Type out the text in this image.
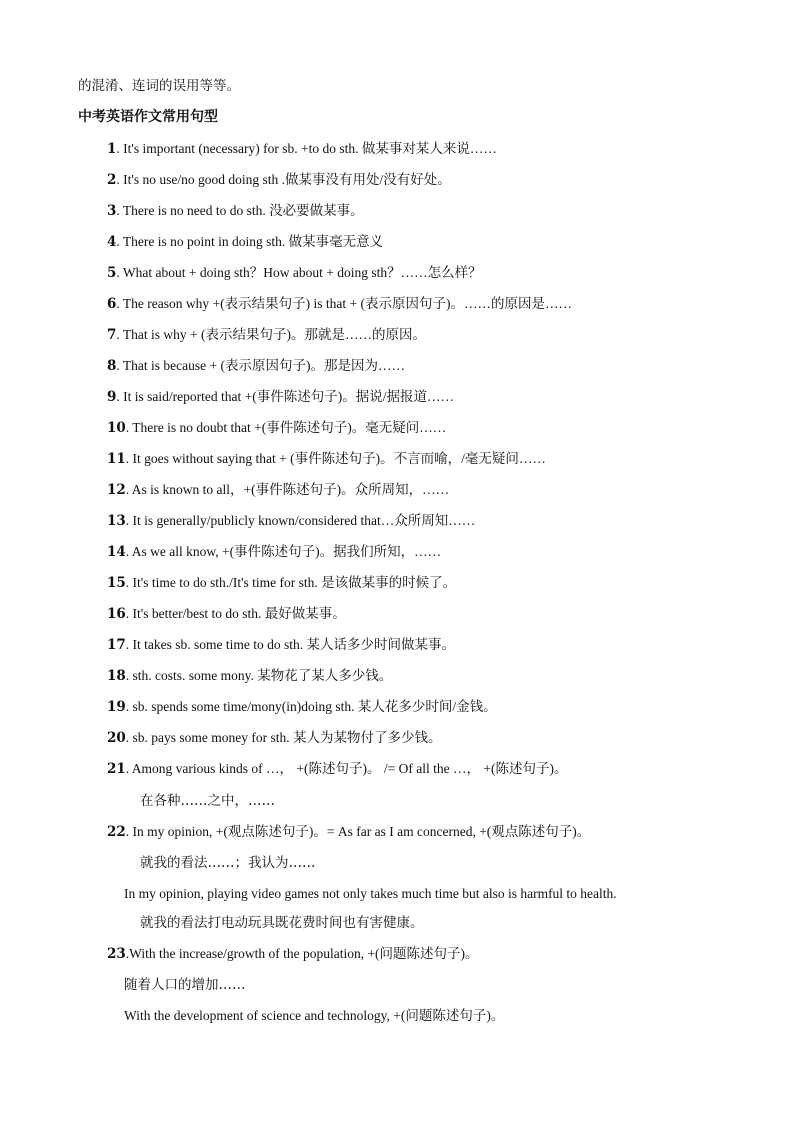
的混淆、连词的误用等等。
中考英语作文常用句型
1. It's important (necessary) for sb. +to do sth. 做某事对某人来说……
2. It's no use/no good doing sth .做某事没有用处/没有好处。
3. There is no need to do sth. 没必要做某事。
4. There is no point in doing sth. 做某事毫无意义
5. What about + doing sth？How about + doing sth？……怎么样？
6. The reason why +(表示结果句子) is that + (表示原因句子)。……的原因是……
7. That is why + (表示结果句子)。那就是……的原因。
8. That is because + (表示原因句子)。那是因为……
9. It is said/reported that +(事件陈述句子)。据说/据报道……
10. There is no doubt that +(事件陈述句子)。毫无疑问……
11. It goes without saying that + (事件陈述句子)。不言而喻，/毫无疑问……
12. As is known to all，+(事件陈述句子)。众所周知，……
13. It is generally/publicly known/considered that…众所周知……
14. As we all know, +(事件陈述句子)。据我们所知，……
15. It's time to do sth./It's time for sth. 是该做某事的时候了。
16. It's better/best to do sth. 最好做某事。
17. It takes sb. some time to do sth. 某人话多少时间做某事。
18. sth. costs. some mony. 某物花了某人多少钱。
19. sb. spends some time/mony(in)doing sth. 某人花多少时间/金钱。
20. sb. pays some money for sth. 某人为某物付了多少钱。
21. Among various kinds of …， +(陈述句子)。 /= Of all the …， +(陈述句子)。
在各种……之中，……
22. In my opinion, +(观点陈述句子)。= As far as I am concerned, +(观点陈述句子)。
就我的看法……；我认为……
In my opinion, playing video games not only takes much time but also is harmful to health.
就我的看法打电动玩具既花费时间也有害健康。
23.With the increase/growth of the population, +(问题陈述句子)。
随着人口的增加……
With the development of science and technology, +(问题陈述句子)。
